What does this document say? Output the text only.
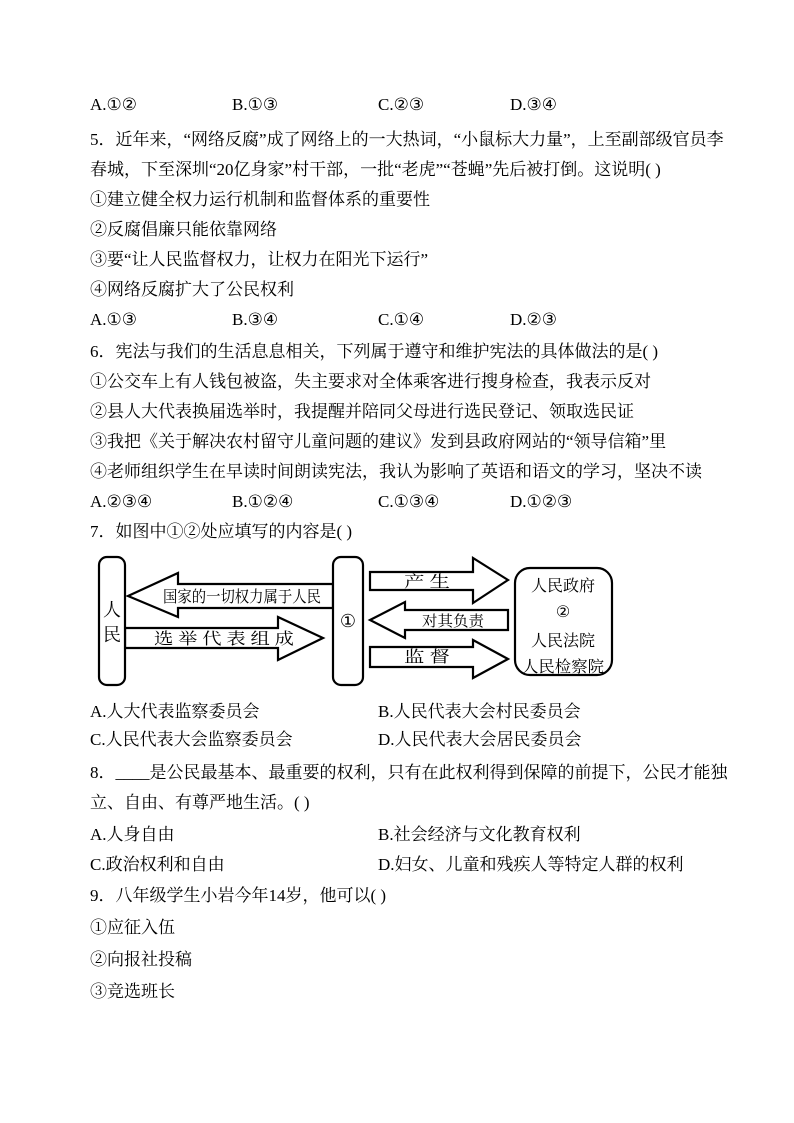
A.①②	B.①③	C.②③	D.③④
5．近年来，“网络反腐”成了网络上的一大热词，“小鼠标大力量”，上至副部级官员李
春城，下至深圳“20亿身家”村干部，一批“老虎”“苍蝇”先后被打倒。这说明( )
①建立健全权力运行机制和监督体系的重要性
②反腐倡廉只能依靠网络
③要“让人民监督权力，让权力在阳光下运行”
④网络反腐扩大了公民权利
A.①③	B.③④	C.①④	D.②③
6．宪法与我们的生活息息相关，下列属于遵守和维护宪法的具体做法的是( )
①公交车上有人钱包被盗，失主要求对全体乘客进行搜身检查，我表示反对
②县人大代表换届选举时，我提醒并陪同父母进行选民登记、领取选民证
③我把《关于解决农村留守儿童问题的建议》发到县政府网站的“领导信箱”里
④老师组织学生在早读时间朗读宪法，我认为影响了英语和语文的学习，坚决不读
A.②③④	B.①②④	C.①③④	D.①②③
7．如图中①②处应填写的内容是( )
国家的一切权力属于人民
选 举 代 表 组 成
产 生
对其负责
监 督
人
民
①
人民政府
②
人民法院
人民检察院
A.人大代表监察委员会	B.人民代表大会村民委员会
C.人民代表大会监察委员会	D.人民代表大会居民委员会
8．____是公民最基本、最重要的权利，只有在此权利得到保障的前提下，公民才能独
立、自由、有尊严地生活。( )
A.人身自由	B.社会经济与文化教育权利
C.政治权利和自由	D.妇女、儿童和残疾人等特定人群的权利
9．八年级学生小岩今年14岁，他可以( )
①应征入伍
②向报社投稿
③竞选班长
